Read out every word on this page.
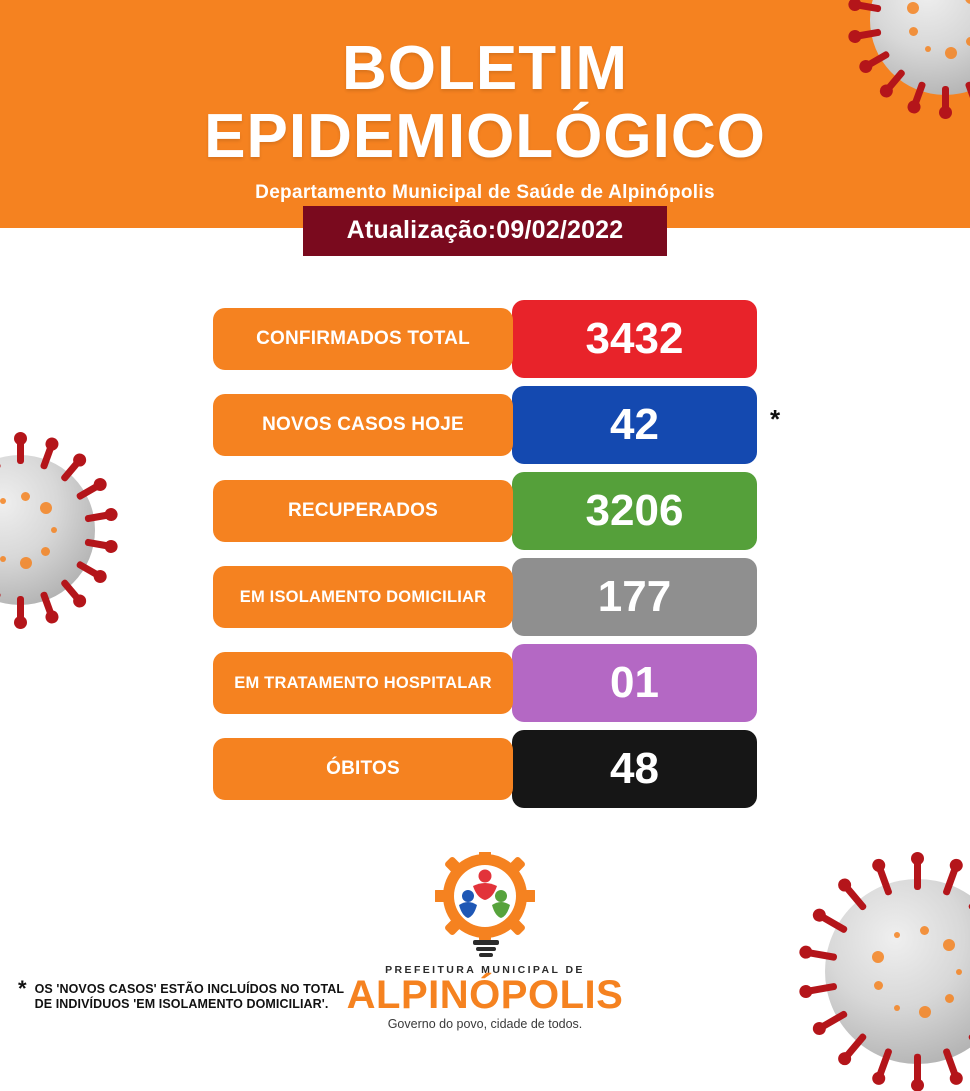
BOLETIM
EPIDEMIOLÓGICO
Departamento Municipal de Saúde de Alpinópolis
Atualização:09/02/2022
CONFIRMADOS TOTAL	3432
NOVOS CASOS HOJE	42	*
RECUPERADOS	3206
EM ISOLAMENTO DOMICILIAR	177
EM TRATAMENTO HOSPITALAR	01
ÓBITOS	48
PREFEITURA MUNICIPAL DE
ALPINÓPOLIS
Governo do povo, cidade de todos.
* OS 'NOVOS CASOS' ESTÃO INCLUÍDOS NO TOTAL
DE INDIVÍDUOS 'EM ISOLAMENTO DOMICILIAR'.
